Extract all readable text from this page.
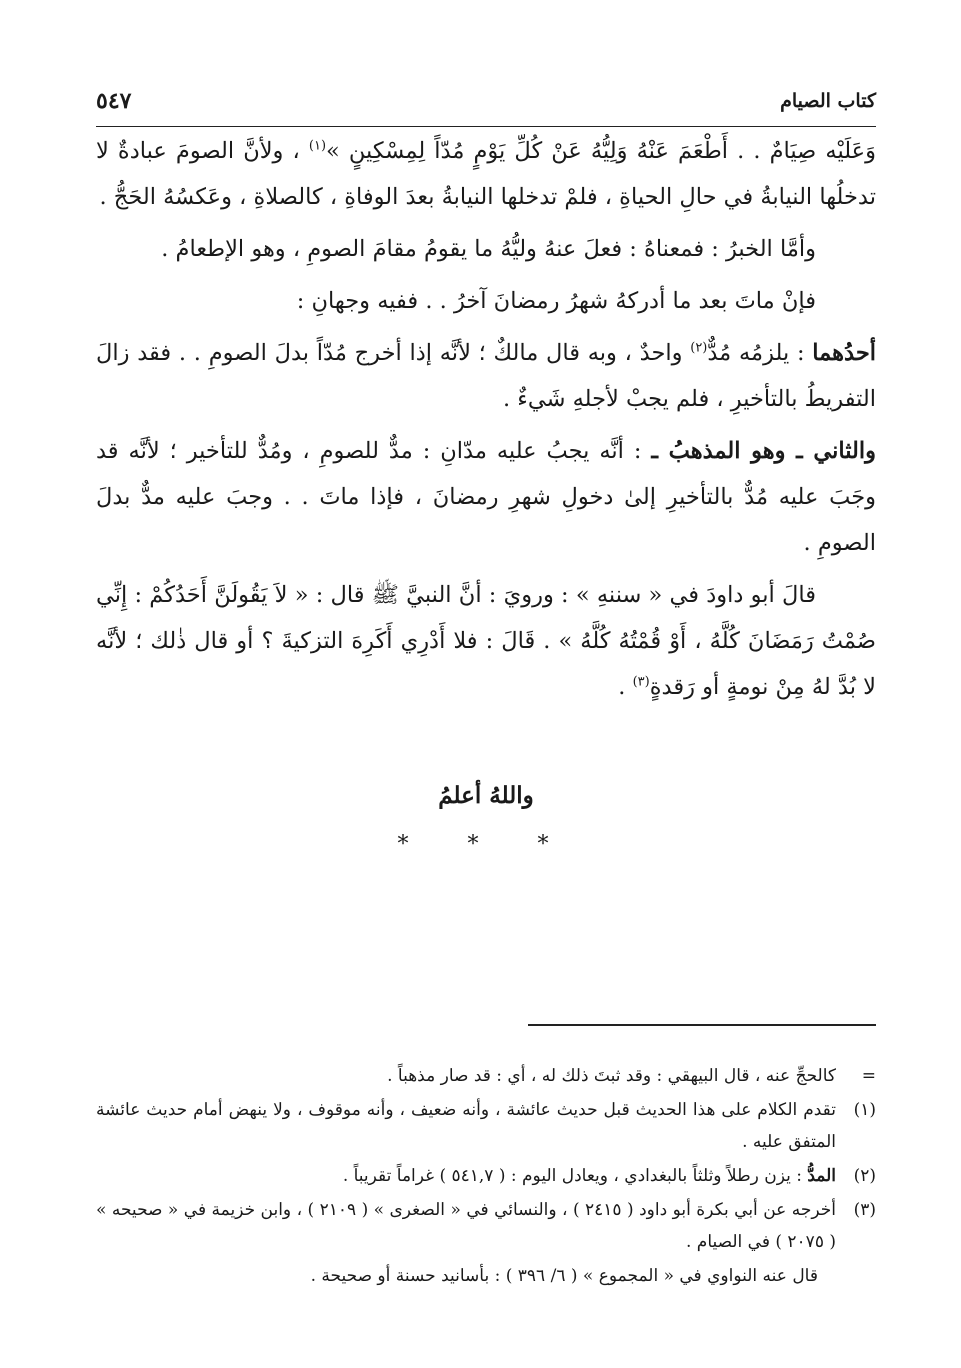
كتاب الصيام
٥٤٧

وَعَلَيْه صِيَامٌ . . أَطْعَمَ عَنْهُ وَلِيُّهُ عَنْ كُلِّ يَوْمٍ مُدّاً لِمِسْكِينٍ »$^{(١)}$ ، ولأنَّ الصومَ عبادةٌ لا تدخلُها النيابةُ في حالِ الحياةِ ، فلمْ تدخلها النيابةُ بعدَ الوفاةِ ، كالصلاةِ ، وعَكسُهُ الحَجُّ .

وأمَّا الخبرُ : فمعناهُ : فعلَ عنهُ وليُّهُ ما يقومُ مقامَ الصومِ ، وهو الإطعامُ .

فإنْ ماتَ بعد ما أدركهُ شهرُ رمضانَ آخرُ . . ففيه وجهانِ :

أحدُهما : يلزمُه مُدٌّ$^{(٢)}$ واحدٌ ، وبه قال مالكٌ ؛ لأنَّه إذا أخرج مُدّاً بدلَ الصومِ . . فقد زالَ التفريطُ بالتأخيرِ ، فلم يجبْ لأجلهِ شَيءٌ .

والثاني ـ وهو المذهبُ ـ : أنَّه يجبُ عليه مدّانِ : مدٌّ للصومِ ، ومُدٌّ للتأخير ؛ لأنَّه قد وجَبَ عليه مُدٌّ بالتأخيرِ إلىٰ دخولِ شهرِ رمضانَ ، فإذا ماتَ . . وجبَ عليه مدٌّ بدلَ الصومِ .

قالَ أبو داودَ في « سننهِ » : ورويَ : أنَّ النبيَّ ﷺ قال : « لاَ يَقُولَنَّ أَحَدُكُمْ : إِنِّي صُمْتُ رَمَضَانَ كُلَّهُ ، أَوْ قُمْتُهُ كُلَّهُ » . قَالَ : فلا أَدْرِي أَكَرِهَ التزكيةَ ؟ أو قال ذٰلك ؛ لأنَّه لا بُدَّ لهُ مِنْ نومةٍ أو رَقدةٍ$^{(٣)}$ .

واللهُ أعلمُ
* * *
=
كالحجِّ عنه ، قال البيهقي : وقد ثبتَ ذلك له ، أي : قد صار مذهباً .
(١)
تقدم الكلام على هذا الحديث قبل حديث عائشة ، وأنه ضعيف ، وأنه موقوف ، ولا ينهض أمام حديث عائشة المتفق عليه .
(٢)
المدُّ : يزن رطلاً وثلثاً بالبغدادي ، ويعادل اليوم : ( ٥٤١,٧ ) غراماً تقريباً .
(٣)
أخرجه عن أبي بكرة أبو داود ( ٢٤١٥ ) ، والنسائي في « الصغرى » ( ٢١٠٩ ) ، وابن خزيمة في « صحيحه » ( ٢٠٧٥ ) في الصيام .
قال عنه النواوي في « المجموع » ( ٦/ ٣٩٦ ) : بأسانيد حسنة أو صحيحة .
